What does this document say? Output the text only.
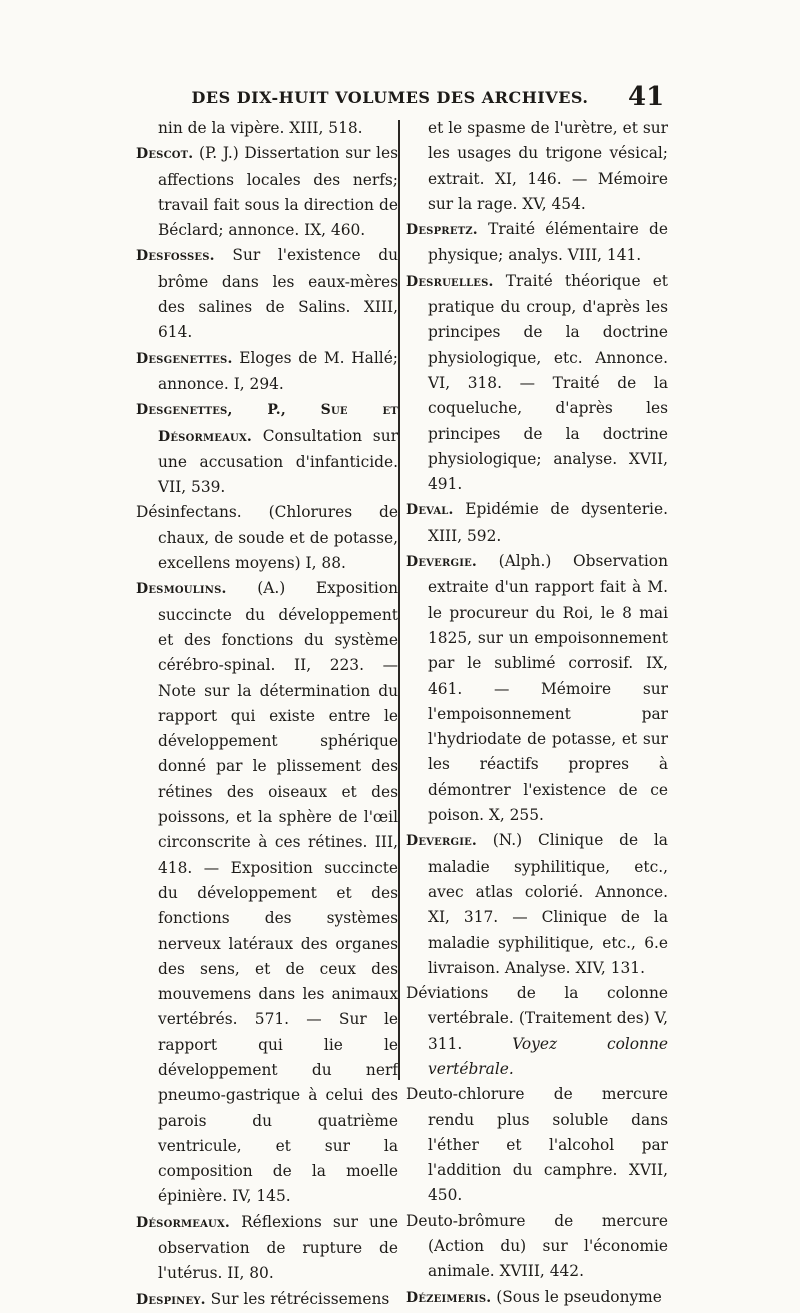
DES DIX-HUIT VOLUMES DES ARCHIVES.	41

nin de la vipère. XIII, 518.

Descot. (P. J.) Dissertation sur les affections locales des nerfs; travail fait sous la direction de Béclard; annonce. IX, 460.

Desfosses. Sur l'existence du brôme dans les eaux-mères des salines de Salins. XIII, 614.

Desgenettes. Eloges de M. Hallé; annonce. I, 294.

Desgenettes, P., Sue et Désormeaux. Consultation sur une accusation d'infanticide. VII, 539.

Désinfectans. (Chlorures de chaux, de soude et de potasse, excellens moyens) I, 88.

Desmoulins. (A.) Exposition succincte du développement et des fonctions du système cérébro-spinal. II, 223. — Note sur la détermination du rapport qui existe entre le développement sphérique donné par le plissement des rétines des oiseaux et des poissons, et la sphère de l'œil circonscrite à ces rétines. III, 418. — Exposition succincte du développement et des fonctions des systèmes nerveux latéraux des organes des sens, et de ceux des mouvemens dans les animaux vertébrés. 571. — Sur le rapport qui lie le développement du nerf pneumo-gastrique à celui des parois du quatrième ventricule, et sur la composition de la moelle épinière. IV, 145.

Désormeaux. Réflexions sur une observation de rupture de l'utérus. II, 80.

Despiney. Sur les rétrécissemens

et le spasme de l'urètre, et sur les usages du trigone vésical; extrait. XI, 146. — Mémoire sur la rage. XV, 454.

Despretz. Traité élémentaire de physique; analys. VIII, 141.

Desruelles. Traité théorique et pratique du croup, d'après les principes de la doctrine physiologique, etc. Annonce. VI, 318. — Traité de la coqueluche, d'après les principes de la doctrine physiologique; analyse. XVII, 491.

Deval. Epidémie de dysenterie. XIII, 592.

Devergie. (Alph.) Observation extraite d'un rapport fait à M. le procureur du Roi, le 8 mai 1825, sur un empoisonnement par le sublimé corrosif. IX, 461. — Mémoire sur l'empoisonnement par l'hydriodate de potasse, et sur les réactifs propres à démontrer l'existence de ce poison. X, 255.

Devergie. (N.) Clinique de la maladie syphilitique, etc., avec atlas colorié. Annonce. XI, 317. — Clinique de la maladie syphilitique, etc., 6.e livraison. Analyse. XIV, 131.

Déviations de la colonne vertébrale. (Traitement des) V, 311. Voyez colonne vertébrale.

Deuto-chlorure de mercure rendu plus soluble dans l'éther et l'alcohol par l'addition du camphre. XVII, 450.

Deuto-brômure de mercure (Action du) sur l'économie animale. XVIII, 442.

Dézeimeris. (Sous le pseudonyme
